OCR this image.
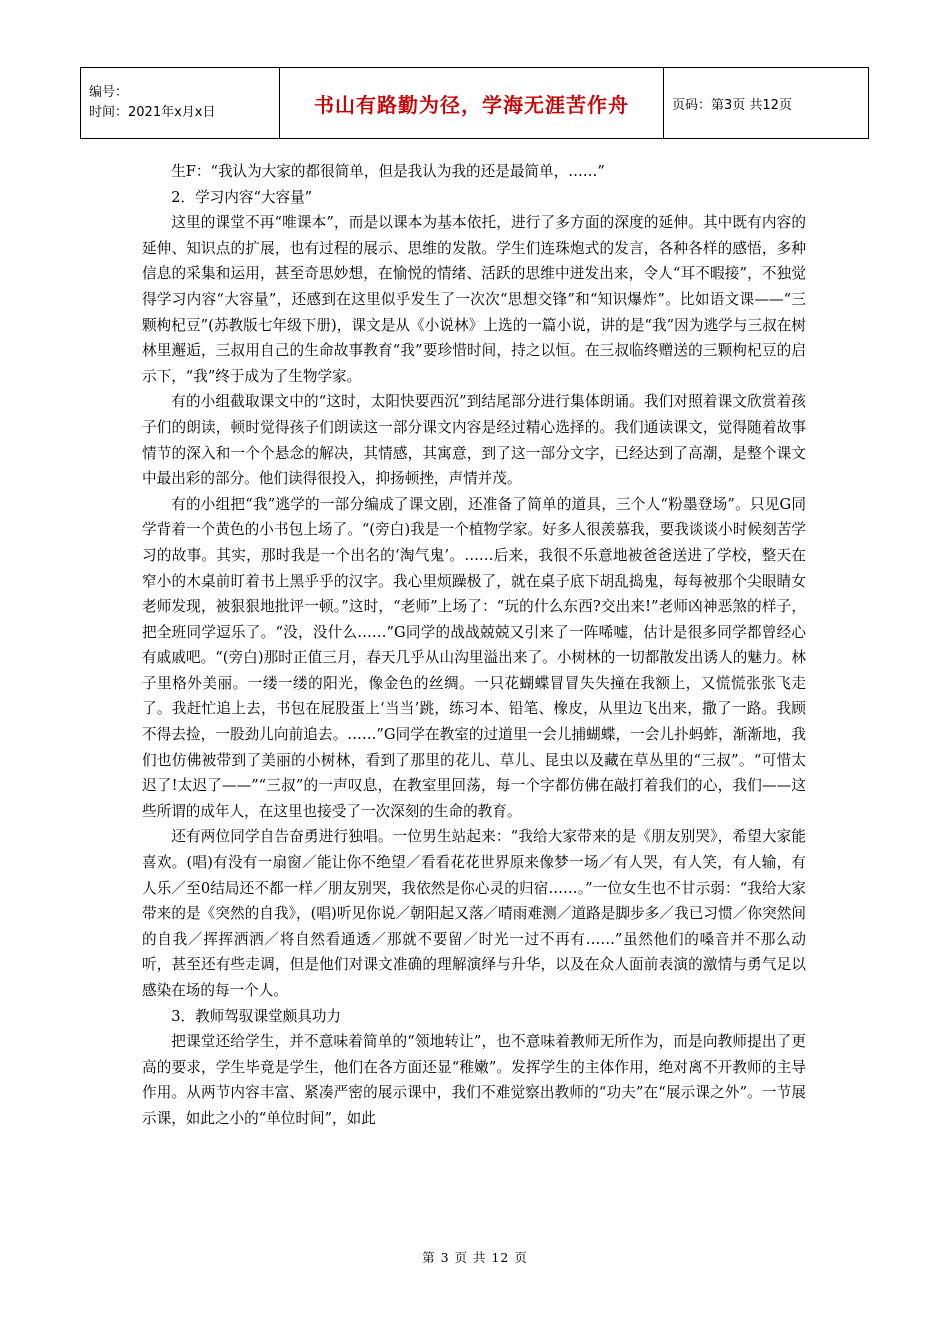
编号：
时间：2021年x月x日	书山有路勤为径，学海无涯苦作舟	页码：第3页 共12页

生F：“我认为大家的都很简单，但是我认为我的还是最简单，……”

2．学习内容“大容量”

这里的课堂不再“唯课本”，而是以课本为基本依托，进行了多方面的深度的延伸。其中既有内容的延伸、知识点的扩展，也有过程的展示、思维的发散。学生们连珠炮式的发言，各种各样的感悟，多种信息的采集和运用，甚至奇思妙想，在愉悦的情绪、活跃的思维中迸发出来，令人“耳不暇接”，不独觉得学习内容“大容量”，还感到在这里似乎发生了一次次“思想交锋”和“知识爆炸”。比如语文课——“三颗枸杞豆”(苏教版七年级下册)，课文是从《小说林》上选的一篇小说，讲的是“我”因为逃学与三叔在树林里邂逅，三叔用自己的生命故事教育“我”要珍惜时间，持之以恒。在三叔临终赠送的三颗枸杞豆的启示下，“我”终于成为了生物学家。

有的小组截取课文中的“这时，太阳快要西沉”到结尾部分进行集体朗诵。我们对照着课文欣赏着孩子们的朗读，顿时觉得孩子们朗读这一部分课文内容是经过精心选择的。我们通读课文，觉得随着故事情节的深入和一个个悬念的解决，其情感，其寓意，到了这一部分文字，已经达到了高潮，是整个课文中最出彩的部分。他们读得很投入，抑扬顿挫，声情并茂。

有的小组把“我”逃学的一部分编成了课文剧，还准备了简单的道具，三个人“粉墨登场”。只见G同学背着一个黄色的小书包上场了。“(旁白)我是一个植物学家。好多人很羡慕我，要我谈谈小时候刻苦学习的故事。其实，那时我是一个出名的‘淘气鬼’。……后来，我很不乐意地被爸爸送进了学校，整天在窄小的木桌前盯着书上黑乎乎的汉字。我心里烦躁极了，就在桌子底下胡乱捣鬼，每每被那个尖眼睛女老师发现，被狠狠地批评一顿。”这时，“老师”上场了：“玩的什么东西?交出来!”老师凶神恶煞的样子，把全班同学逗乐了。“没，没什么……”G同学的战战兢兢又引来了一阵唏嘘，估计是很多同学都曾经心有戚戚吧。“(旁白)那时正值三月，春天几乎从山沟里溢出来了。小树林的一切都散发出诱人的魅力。林子里格外美丽。一缕一缕的阳光，像金色的丝绸。一只花蝴蝶冒冒失失撞在我额上，又慌慌张张飞走了。我赶忙追上去，书包在屁股蛋上‘当当’跳，练习本、铅笔、橡皮，从里边飞出来，撒了一路。我顾不得去捡，一股劲儿向前追去。……”G同学在教室的过道里一会儿捕蝴蝶，一会儿扑蚂蚱，渐渐地，我们也仿佛被带到了美丽的小树林，看到了那里的花儿、草儿、昆虫以及藏在草丛里的“三叔”。“可惜太迟了!太迟了——”“三叔”的一声叹息，在教室里回荡，每一个字都仿佛在敲打着我们的心，我们——这些所谓的成年人，在这里也接受了一次深刻的生命的教育。

还有两位同学自告奋勇进行独唱。一位男生站起来：“我给大家带来的是《朋友别哭》，希望大家能喜欢。(唱)有没有一扇窗／能让你不绝望／看看花花世界原来像梦一场／有人哭，有人笑，有人输，有人乐／至0结局还不都一样／朋友别哭，我依然是你心灵的归宿……。”一位女生也不甘示弱：“我给大家带来的是《突然的自我》，(唱)听见你说／朝阳起又落／晴雨难测／道路是脚步多／我已习惯／你突然间的自我／挥挥洒洒／将自然看通透／那就不要留／时光一过不再有……”虽然他们的嗓音并不那么动听，甚至还有些走调，但是他们对课文准确的理解演绎与升华，以及在众人面前表演的激情与勇气足以感染在场的每一个人。

3．教师驾驭课堂颇具功力

把课堂还给学生，并不意味着简单的“领地转让”，也不意味着教师无所作为，而是向教师提出了更高的要求，学生毕竟是学生，他们在各方面还显“稚嫩”。发挥学生的主体作用，绝对离不开教师的主导作用。从两节内容丰富、紧凑严密的展示课中，我们不难觉察出教师的“功夫”在“展示课之外”。一节展示课，如此之小的“单位时间”，如此

第 3 页 共 12 页
